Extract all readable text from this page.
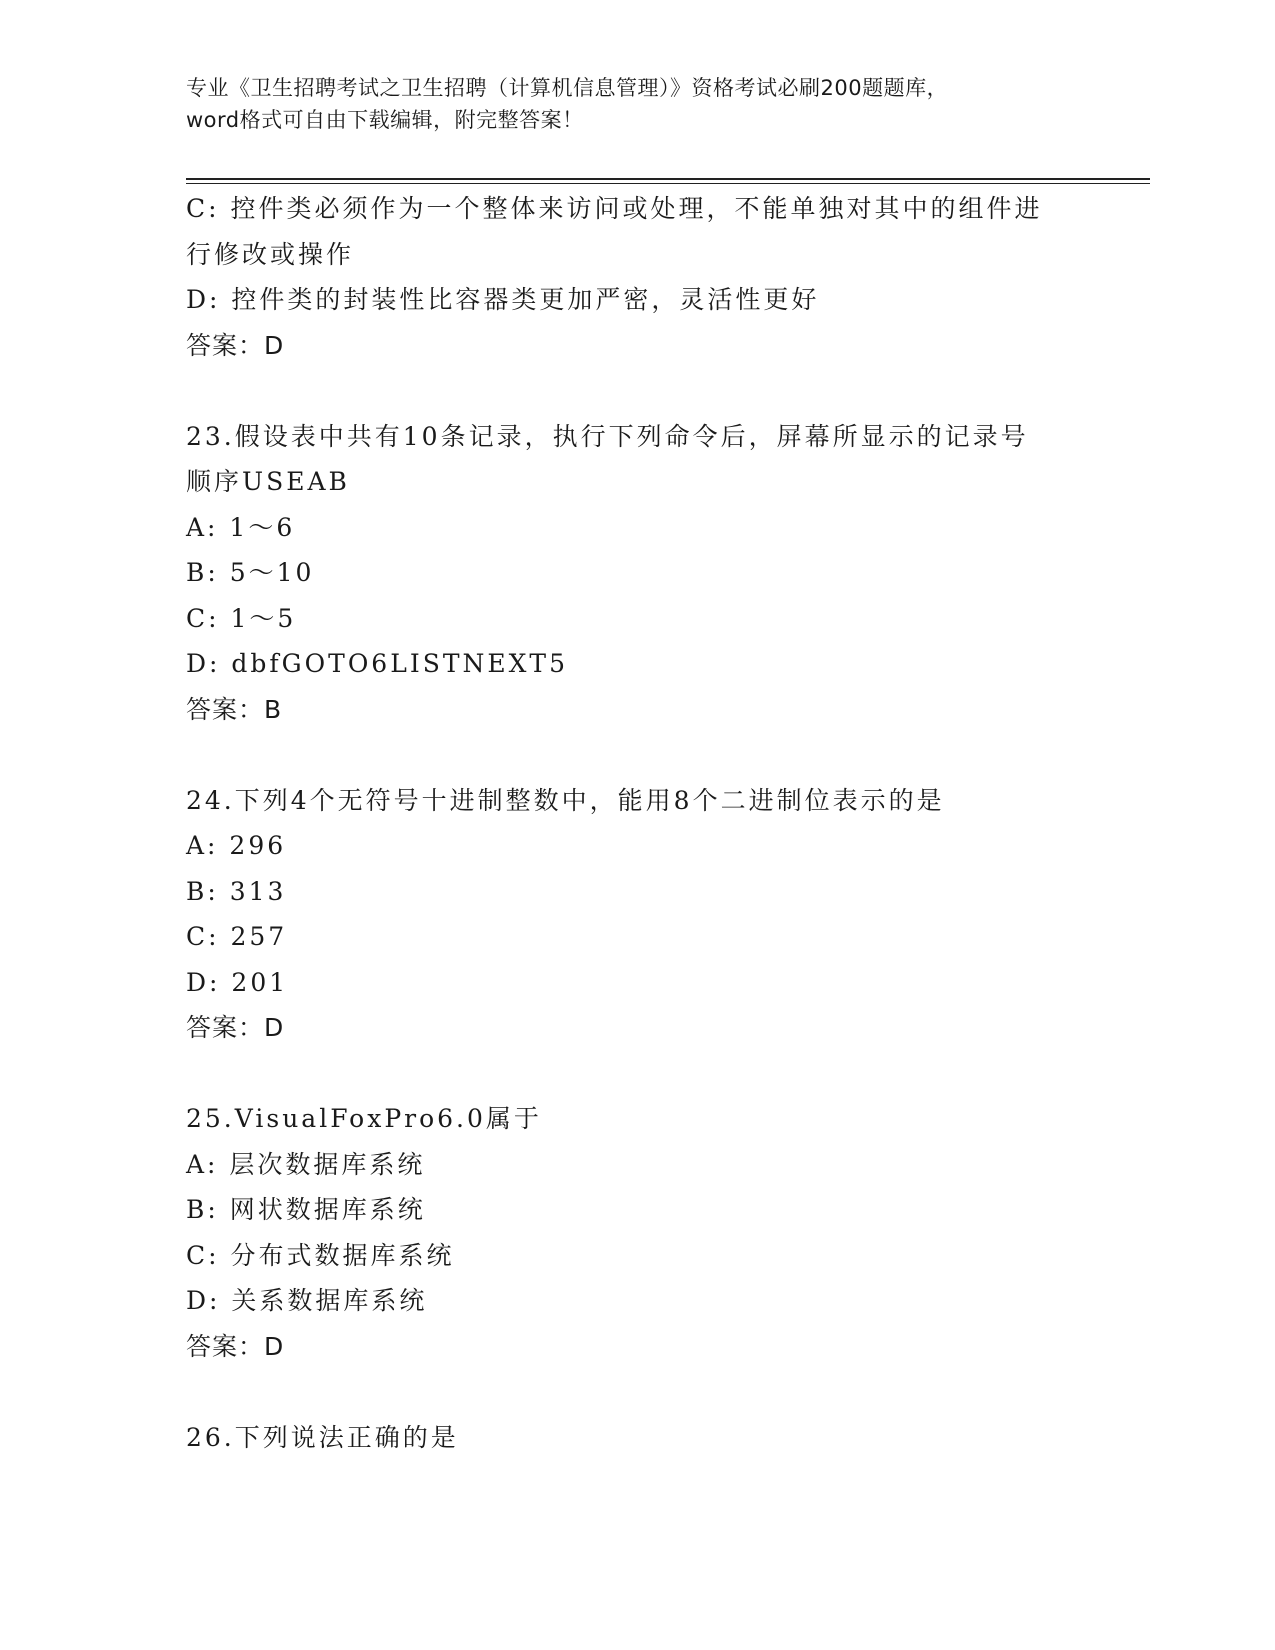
专业《卫生招聘考试之卫生招聘（计算机信息管理）》资格考试必刷200题题库，
word格式可自由下载编辑，附完整答案！
C: 控件类必须作为一个整体来访问或处理，不能单独对其中的组件进
行修改或操作
D: 控件类的封装性比容器类更加严密，灵活性更好
答案：D
23.假设表中共有10条记录，执行下列命令后，屏幕所显示的记录号
顺序USEAB
A: 1～6
B: 5～10
C: 1～5
D: dbfGOTO6LISTNEXT5
答案：B
24.下列4个无符号十进制整数中，能用8个二进制位表示的是
A: 296
B: 313
C: 257
D: 201
答案：D
25.VisualFoxPro6.0属于
A: 层次数据库系统
B: 网状数据库系统
C: 分布式数据库系统
D: 关系数据库系统
答案：D
26.下列说法正确的是
